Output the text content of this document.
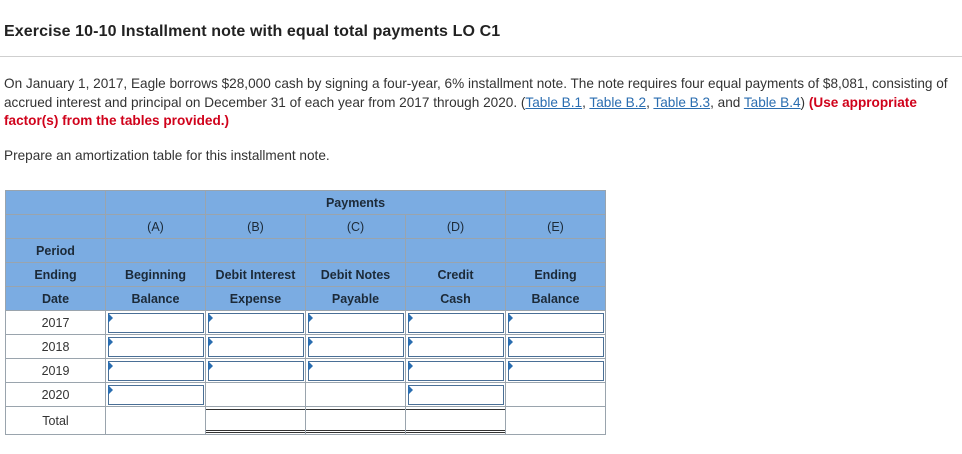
Exercise 10-10 Installment note with equal total payments LO C1
On January 1, 2017, Eagle borrows $28,000 cash by signing a four-year, 6% installment note. The note requires four equal payments of $8,081, consisting of accrued interest and principal on December 31 of each year from 2017 through 2020. (Table B.1, Table B.2, Table B.3, and Table B.4) (Use appropriate factor(s) from the tables provided.)
Prepare an amortization table for this installment note.
		Payments			
	(A)	(B)	(C)	(D)	(E)
Period					
Ending	Beginning	Debit Interest	Debit Notes	Credit	Ending
Date	Balance	Expense	Payable	Cash	Balance
2017	

2018	

2019	

2020	

Total		
